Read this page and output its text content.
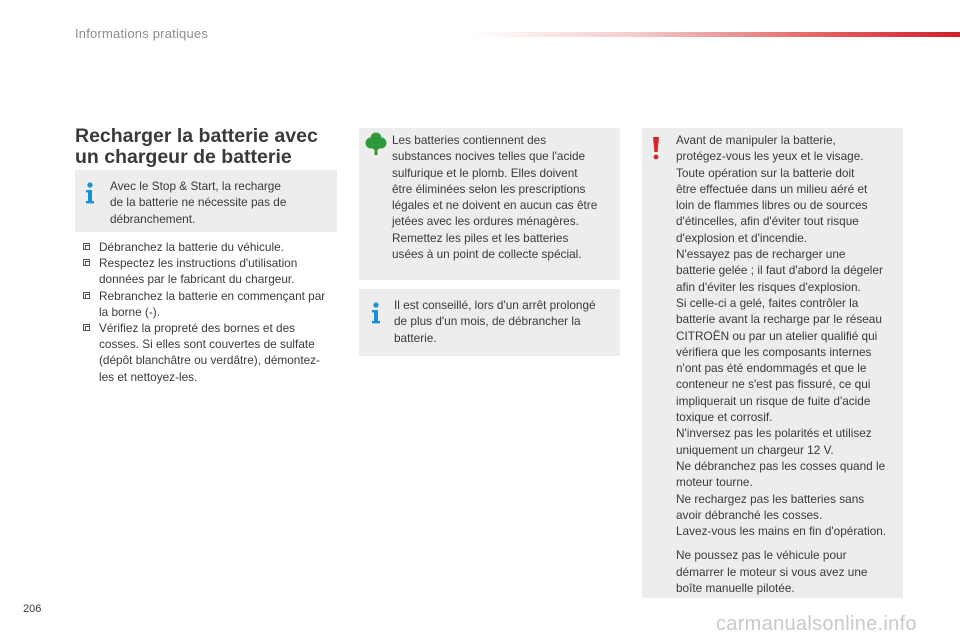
Informations pratiques
Recharger la batterie avec
un chargeur de batterie

Avec le Stop & Start, la recharge

de la batterie ne nécessite pas de

débranchement.

Débranchez la batterie du véhicule.
Respectez les instructions d'utilisation
données par le fabricant du chargeur.
Rebranchez la batterie en commençant par
la borne (-).
Vérifiez la propreté des bornes et des
cosses. Si elles sont couvertes de sulfate
(dépôt blanchâtre ou verdâtre), démontez-
les et nettoyez-les.

Les batteries contiennent des

substances nocives telles que l'acide

sulfurique et le plomb. Elles doivent

être éliminées selon les prescriptions

légales et ne doivent en aucun cas être

jetées avec les ordures ménagères.

Remettez les piles et les batteries

usées à un point de collecte spécial.

Il est conseillé, lors d'un arrêt prolongé

de plus d'un mois, de débrancher la

batterie.

Avant de manipuler la batterie,

protégez-vous les yeux et le visage.

Toute opération sur la batterie doit

être effectuée dans un milieu aéré et

loin de flammes libres ou de sources

d'étincelles, afin d'éviter tout risque

d'explosion et d'incendie.

N'essayez pas de recharger une

batterie gelée ; il faut d'abord la dégeler

afin d'éviter les risques d'explosion.

Si celle-ci a gelé, faites contrôler la

batterie avant la recharge par le réseau

CITROËN ou par un atelier qualifié qui

vérifiera que les composants internes

n'ont pas été endommagés et que le

conteneur ne s'est pas fissuré, ce qui

impliquerait un risque de fuite d'acide

toxique et corrosif.

N'inversez pas les polarités et utilisez

uniquement un chargeur 12 V.

Ne débranchez pas les cosses quand le

moteur tourne.

Ne rechargez pas les batteries sans

avoir débranché les cosses.

Lavez-vous les mains en fin d'opération.

Ne poussez pas le véhicule pour

démarrer le moteur si vous avez une

boîte manuelle pilotée.

206
carmanualsonline.info
